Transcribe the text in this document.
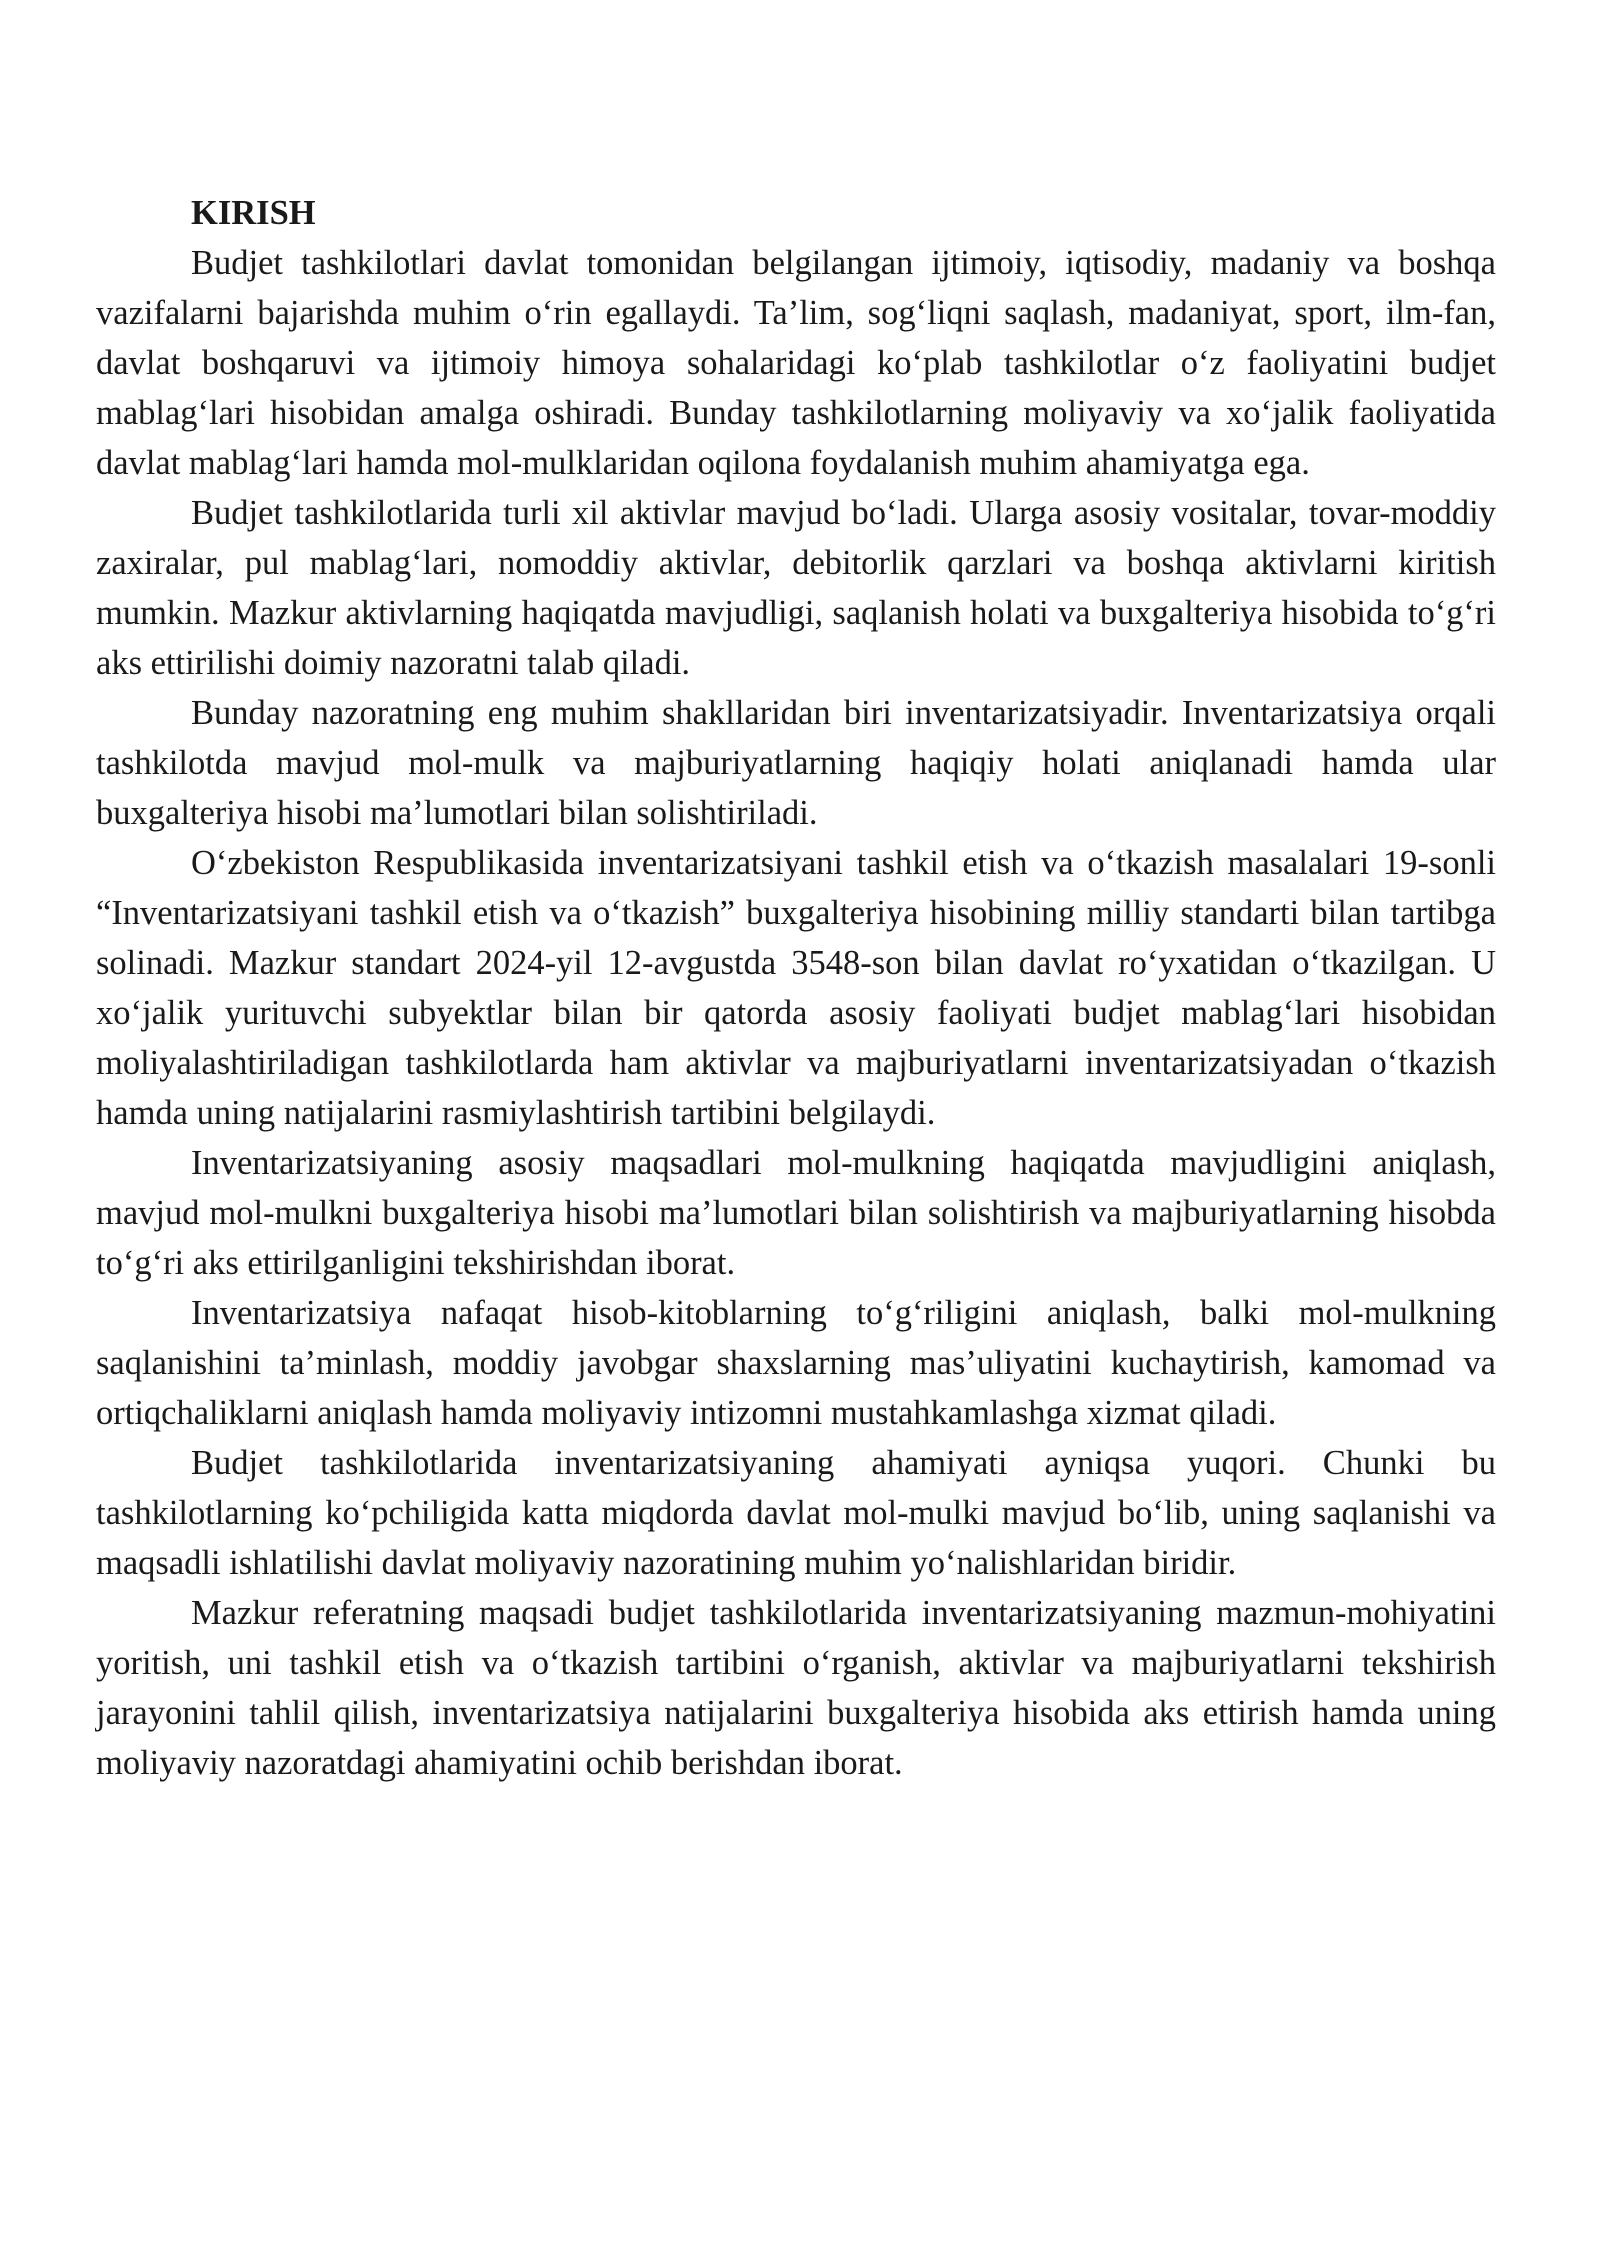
KIRISH

Budjet tashkilotlari davlat tomonidan belgilangan ijtimoiy, iqtisodiy, madaniy va boshqa vazifalarni bajarishda muhim o‘rin egallaydi. Ta’lim, sog‘liqni saqlash, madaniyat, sport, ilm-fan, davlat boshqaruvi va ijtimoiy himoya sohalaridagi ko‘plab tashkilotlar o‘z faoliyatini budjet mablag‘lari hisobidan amalga oshiradi. Bunday tashkilotlarning moliyaviy va xo‘jalik faoliyatida davlat mablag‘lari hamda mol-mulklaridan oqilona foydalanish muhim ahamiyatga ega.

Budjet tashkilotlarida turli xil aktivlar mavjud bo‘ladi. Ularga asosiy vositalar, tovar-moddiy zaxiralar, pul mablag‘lari, nomoddiy aktivlar, debitorlik qarzlari va boshqa aktivlarni kiritish mumkin. Mazkur aktivlarning haqiqatda mavjudligi, saqlanish holati va buxgalteriya hisobida to‘g‘ri aks ettirilishi doimiy nazoratni talab qiladi.

Bunday nazoratning eng muhim shakllaridan biri inventarizatsiyadir. Inventarizatsiya orqali tashkilotda mavjud mol-mulk va majburiyatlarning haqiqiy holati aniqlanadi hamda ular buxgalteriya hisobi ma’lumotlari bilan solishtiriladi.

O‘zbekiston Respublikasida inventarizatsiyani tashkil etish va o‘tkazish masalalari 19-sonli “Inventarizatsiyani tashkil etish va o‘tkazish” buxgalteriya hisobining milliy standarti bilan tartibga solinadi. Mazkur standart 2024-yil 12-avgustda 3548-son bilan davlat ro‘yxatidan o‘tkazilgan. U xo‘jalik yurituvchi subyektlar bilan bir qatorda asosiy faoliyati budjet mablag‘lari hisobidan moliyalashtiriladigan tashkilotlarda ham aktivlar va majburiyatlarni inventarizatsiyadan o‘tkazish hamda uning natijalarini rasmiylashtirish tartibini belgilaydi.

Inventarizatsiyaning asosiy maqsadlari mol-mulkning haqiqatda mavjudligini aniqlash, mavjud mol-mulkni buxgalteriya hisobi ma’lumotlari bilan solishtirish va majburiyatlarning hisobda to‘g‘ri aks ettirilganligini tekshirishdan iborat.

Inventarizatsiya nafaqat hisob-kitoblarning to‘g‘riligini aniqlash, balki mol-mulkning saqlanishini ta’minlash, moddiy javobgar shaxslarning mas’uliyatini kuchaytirish, kamomad va ortiqchaliklarni aniqlash hamda moliyaviy intizomni mustahkamlashga xizmat qiladi.

Budjet tashkilotlarida inventarizatsiyaning ahamiyati ayniqsa yuqori. Chunki bu tashkilotlarning ko‘pchiligida katta miqdorda davlat mol-mulki mavjud bo‘lib, uning saqlanishi va maqsadli ishlatilishi davlat moliyaviy nazoratining muhim yo‘nalishlaridan biridir.

Mazkur referatning maqsadi budjet tashkilotlarida inventarizatsiyaning mazmun-mohiyatini yoritish, uni tashkil etish va o‘tkazish tartibini o‘rganish, aktivlar va majburiyatlarni tekshirish jarayonini tahlil qilish, inventarizatsiya natijalarini buxgalteriya hisobida aks ettirish hamda uning moliyaviy nazoratdagi ahamiyatini ochib berishdan iborat.
